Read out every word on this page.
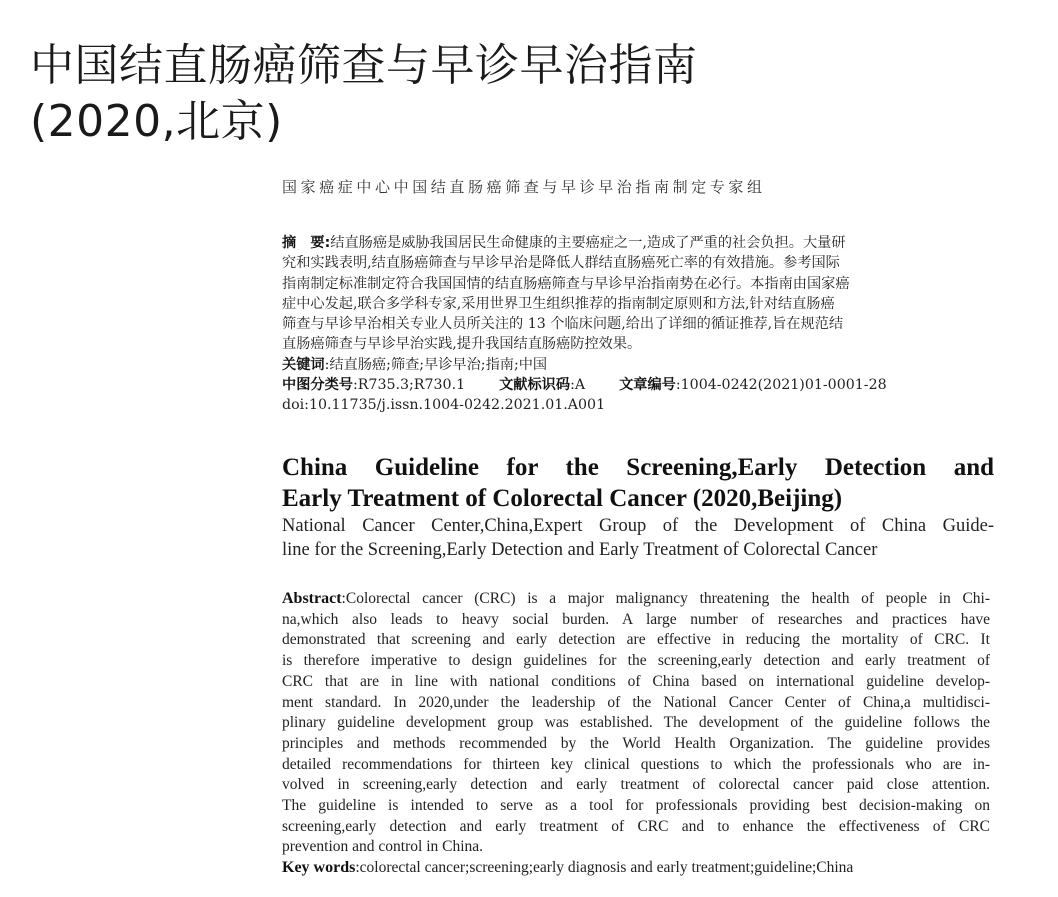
中国结直肠癌筛查与早诊早治指南
(2020,北京)
国家癌症中心中国结直肠癌筛查与早诊早治指南制定专家组

摘　要:结直肠癌是威胁我国居民生命健康的主要癌症之一,造成了严重的社会负担。大量研

究和实践表明,结直肠癌筛查与早诊早治是降低人群结直肠癌死亡率的有效措施。参考国际

指南制定标准制定符合我国国情的结直肠癌筛查与早诊早治指南势在必行。本指南由国家癌

症中心发起,联合多学科专家,采用世界卫生组织推荐的指南制定原则和方法,针对结直肠癌

筛查与早诊早治相关专业人员所关注的 13 个临床问题,给出了详细的循证推荐,旨在规范结

直肠癌筛查与早诊早治实践,提升我国结直肠癌防控效果。

关键词:结直肠癌;筛查;早诊早治;指南;中国

中图分类号:R735.3;R730.1 文献标识码:A 文章编号:1004-0242(2021)01-0001-28

doi:10.11735/j.issn.1004-0242.2021.01.A001

China Guideline for the Screening,Early Detection and
Early Treatment of Colorectal Cancer (2020,Beijing)
National Cancer Center,China,Expert Group of the Development of China Guide-
line for the Screening,Early Detection and Early Treatment of Colorectal Cancer
Abstract:Colorectal cancer (CRC) is a major malignancy threatening the health of people in Chi-
na,which also leads to heavy social burden. A large number of researches and practices have
demonstrated that screening and early detection are effective in reducing the mortality of CRC. It
is therefore imperative to design guidelines for the screening,early detection and early treatment of
CRC that are in line with national conditions of China based on international guideline develop-
ment standard. In 2020,under the leadership of the National Cancer Center of China,a multidisci-
plinary guideline development group was established. The development of the guideline follows the
principles and methods recommended by the World Health Organization. The guideline provides
detailed recommendations for thirteen key clinical questions to which the professionals who are in-
volved in screening,early detection and early treatment of colorectal cancer paid close attention.
The guideline is intended to serve as a tool for professionals providing best decision-making on
screening,early detection and early treatment of CRC and to enhance the effectiveness of CRC
prevention and control in China.
Key words:colorectal cancer;screening;early diagnosis and early treatment;guideline;China
